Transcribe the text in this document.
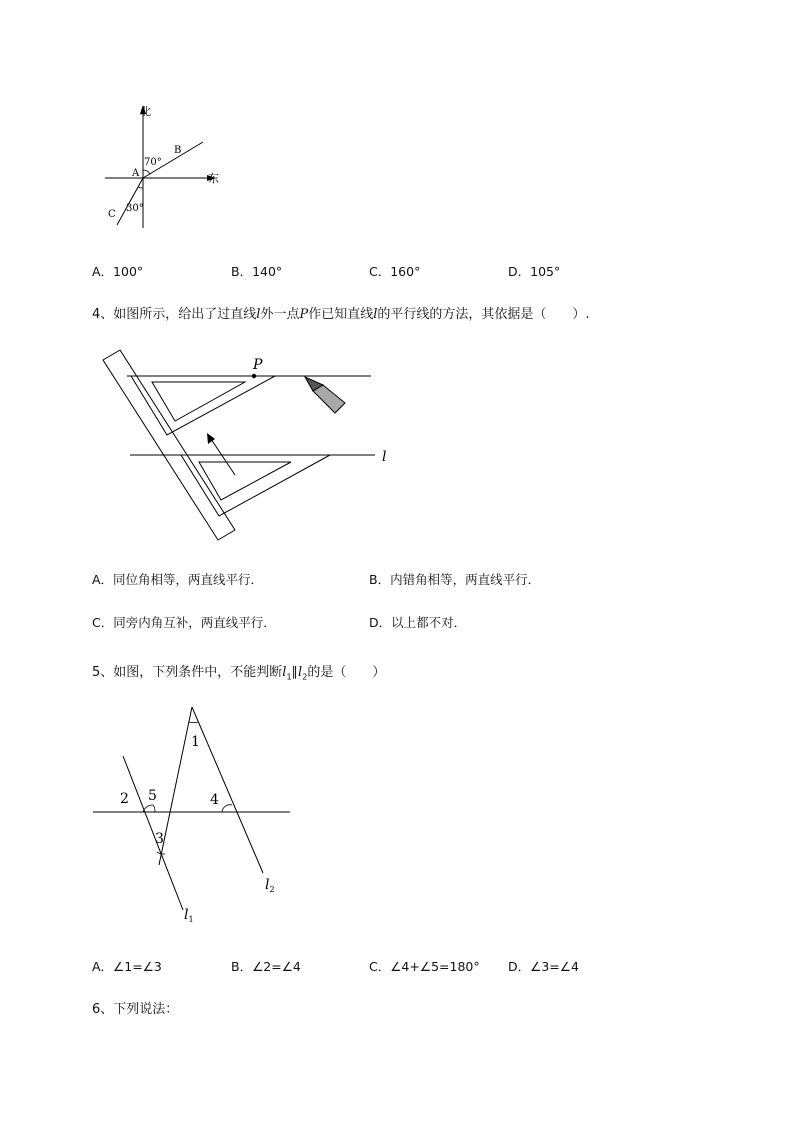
北
东
A
B
C
70°
30°
A．100°	B．140°	C．160°	D．105°
4、如图所示，给出了过直线l外一点P作已知直线l的平行线的方法，其依据是（　　）.
P
l
A．同位角相等，两直线平行．	B．内错角相等，两直线平行．
C．同旁内角互补，两直线平行．	D．以上都不对．
5、如图，下列条件中，不能判断$l_1\parallel l_2$的是（　　）
1
2 5
3
4
$l_1$
$l_2$
A．∠1=∠3	B．∠2=∠4	C．∠4+∠5=180° D．∠3=∠4
6、下列说法：
